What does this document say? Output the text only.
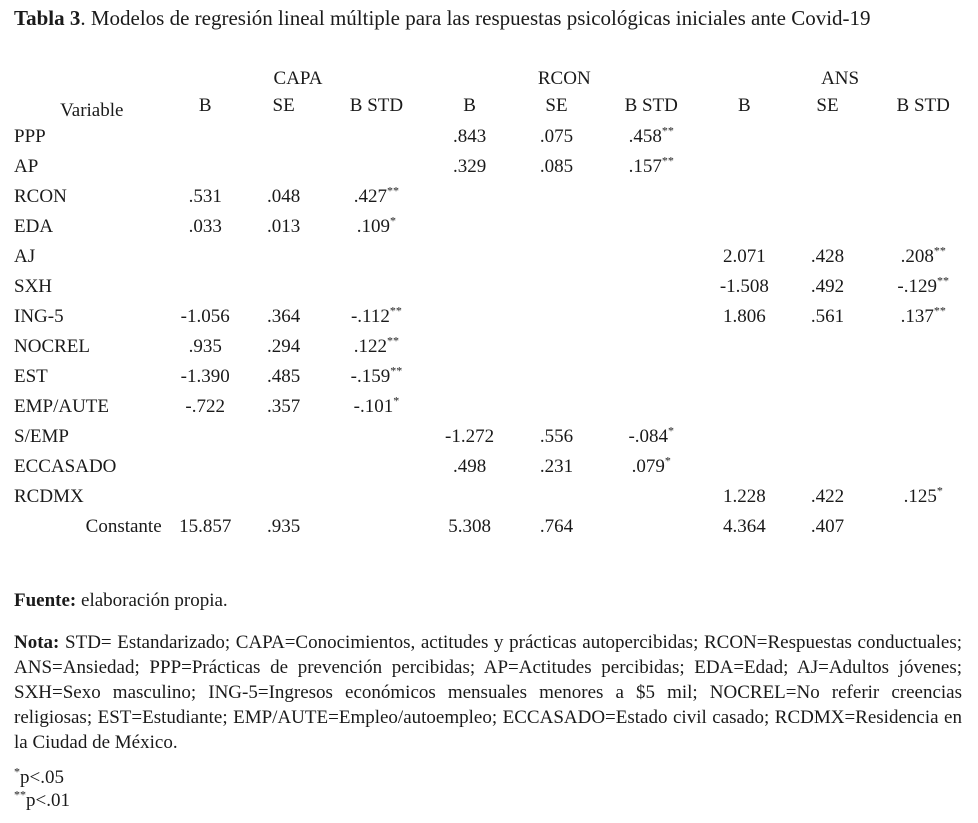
Tabla 3. Modelos de regresión lineal múltiple para las respuestas psicológicas iniciales ante Covid-19
Variable	CAPA			RCON			ANS		
	B	SE	B STD	B	SE	B STD	B	SE	B STD
PPP				.843	.075	.458**			
AP				.329	.085	.157**			
RCON	.531	.048	.427**						
EDA	.033	.013	.109*						
AJ							2.071	.428	.208**
SXH							-1.508	.492	-.129**
ING-5	-1.056	.364	-.112**				1.806	.561	.137**
NOCREL	.935	.294	.122**						
EST	-1.390	.485	-.159**						
EMP/AUTE	-.722	.357	-.101*						
S/EMP				-1.272	.556	-.084*			
ECCASADO				.498	.231	.079*			
RCDMX							1.228	.422	.125*
Constante	15.857	.935		5.308	.764		4.364	.407	
Fuente: elaboración propia.
Nota: STD= Estandarizado; CAPA=Conocimientos, actitudes y prácticas autopercibidas; RCON=Respuestas conductuales; ANS=Ansiedad; PPP=Prácticas de prevención percibidas; AP=Actitudes percibidas; EDA=Edad; AJ=Adultos jóvenes; SXH=Sexo masculino; ING-5=Ingresos económicos mensuales menores a $5 mil; NOCREL=No referir creencias religiosas; EST=Estudiante; EMP/AUTE=Empleo/autoempleo; ECCASADO=Estado civil casado; RCDMX=Residencia en la Ciudad de México.
*p<.05
**p<.01
